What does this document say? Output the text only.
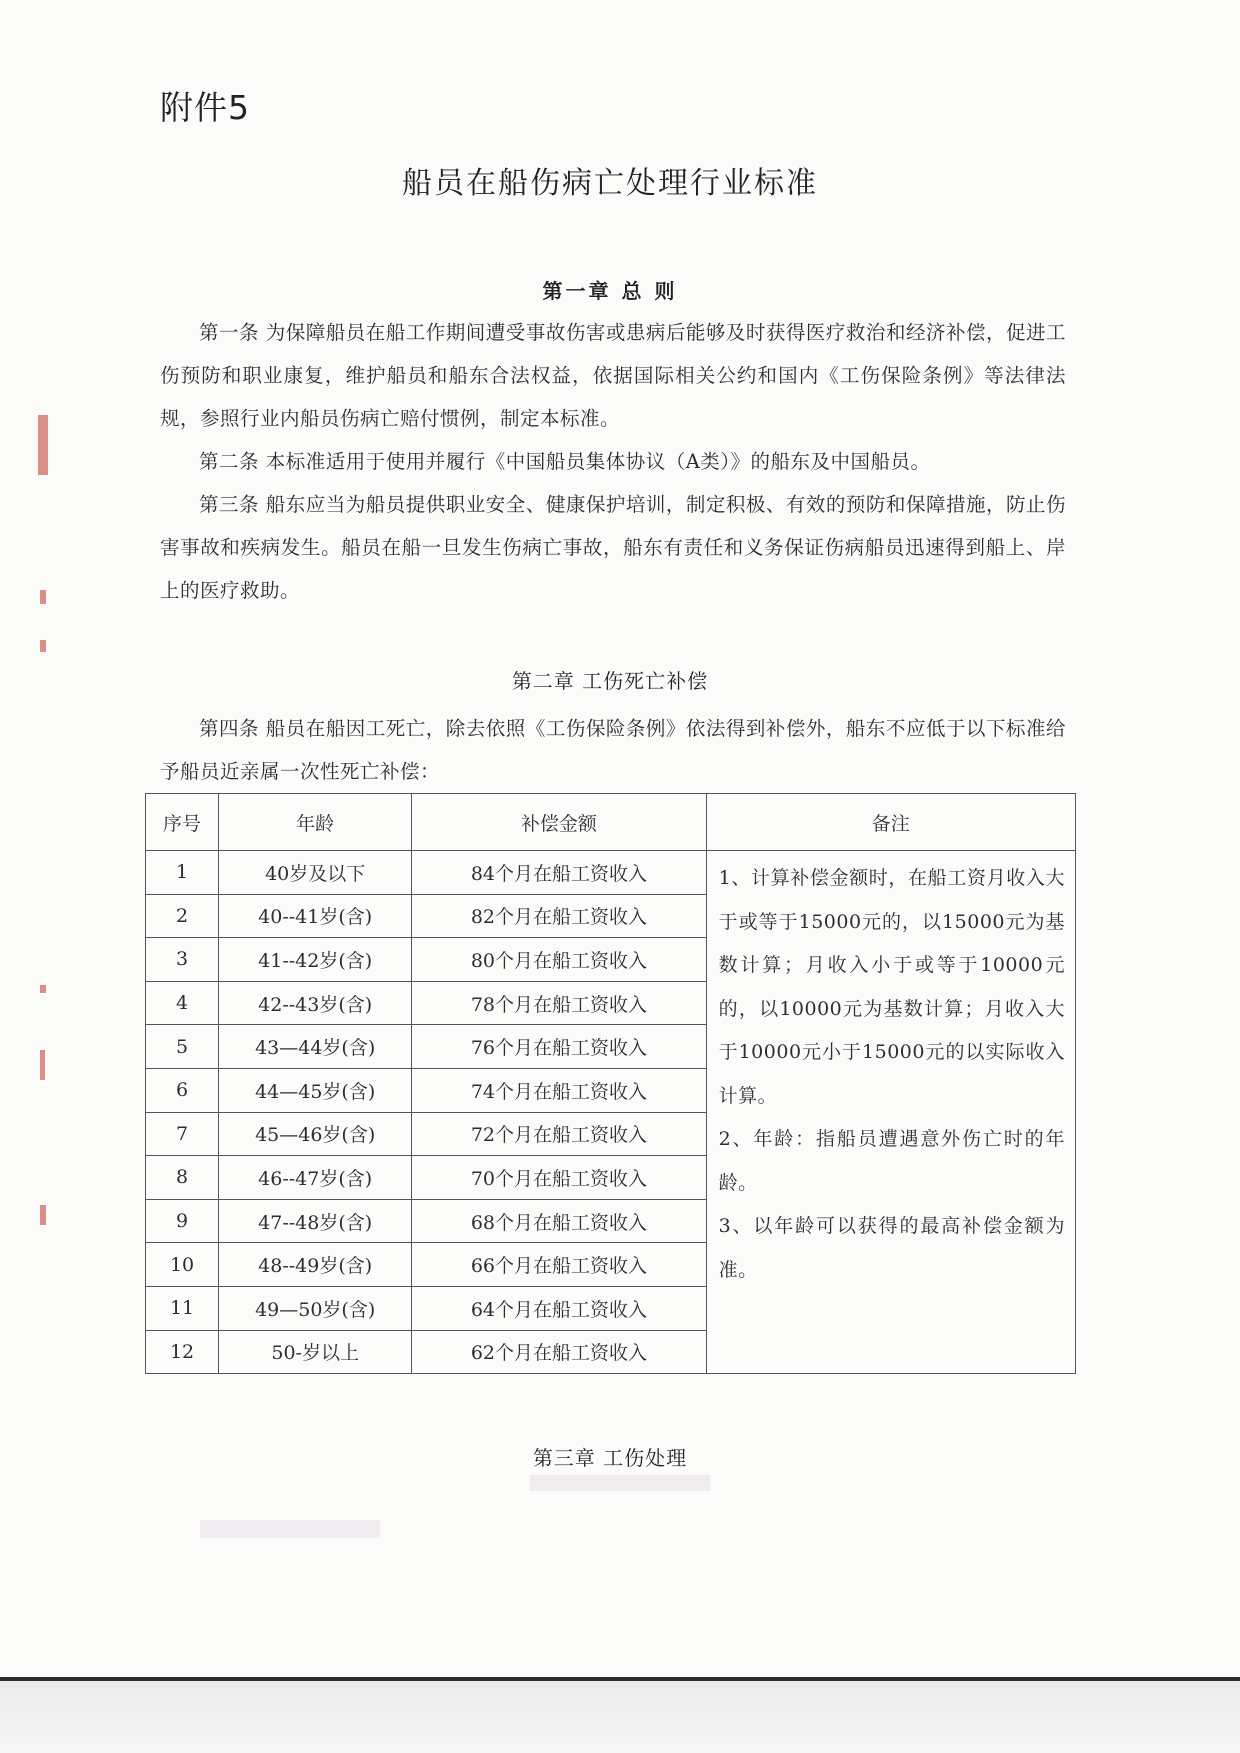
附件5
船员在船伤病亡处理行业标准
第一章 总 则
第一条 为保障船员在船工作期间遭受事故伤害或患病后能够及时获得医疗救治和经济补偿，促进工伤预防和职业康复，维护船员和船东合法权益，依据国际相关公约和国内《工伤保险条例》等法律法规，参照行业内船员伤病亡赔付惯例，制定本标准。
第二条 本标准适用于使用并履行《中国船员集体协议（A类）》的船东及中国船员。
第三条 船东应当为船员提供职业安全、健康保护培训，制定积极、有效的预防和保障措施，防止伤害事故和疾病发生。船员在船一旦发生伤病亡事故，船东有责任和义务保证伤病船员迅速得到船上、岸上的医疗救助。
第二章 工伤死亡补偿
第四条 船员在船因工死亡，除去依照《工伤保险条例》依法得到补偿外，船东不应低于以下标准给予船员近亲属一次性死亡补偿：
序号	年龄	补偿金额	备注
1	40岁及以下	84个月在船工资收入	1、计算补偿金额时，在船工资月收入大于或等于15000元的，以15000元为基数计算；月收入小于或等于10000元的，以10000元为基数计算；月收入大于10000元小于15000元的以实际收入计算。

2、年龄：指船员遭遇意外伤亡时的年龄。

3、以年龄可以获得的最高补偿金额为准。

2	40--41岁(含)	82个月在船工资收入	
3	41--42岁(含)	80个月在船工资收入	
4	42--43岁(含)	78个月在船工资收入	
5	43—44岁(含)	76个月在船工资收入	
6	44—45岁(含)	74个月在船工资收入	
7	45—46岁(含)	72个月在船工资收入	
8	46--47岁(含)	70个月在船工资收入	
9	47--48岁(含)	68个月在船工资收入	
10	48--49岁(含)	66个月在船工资收入	
11	49—50岁(含)	64个月在船工资收入	
12	50-岁以上	62个月在船工资收入	
第三章 工伤处理
